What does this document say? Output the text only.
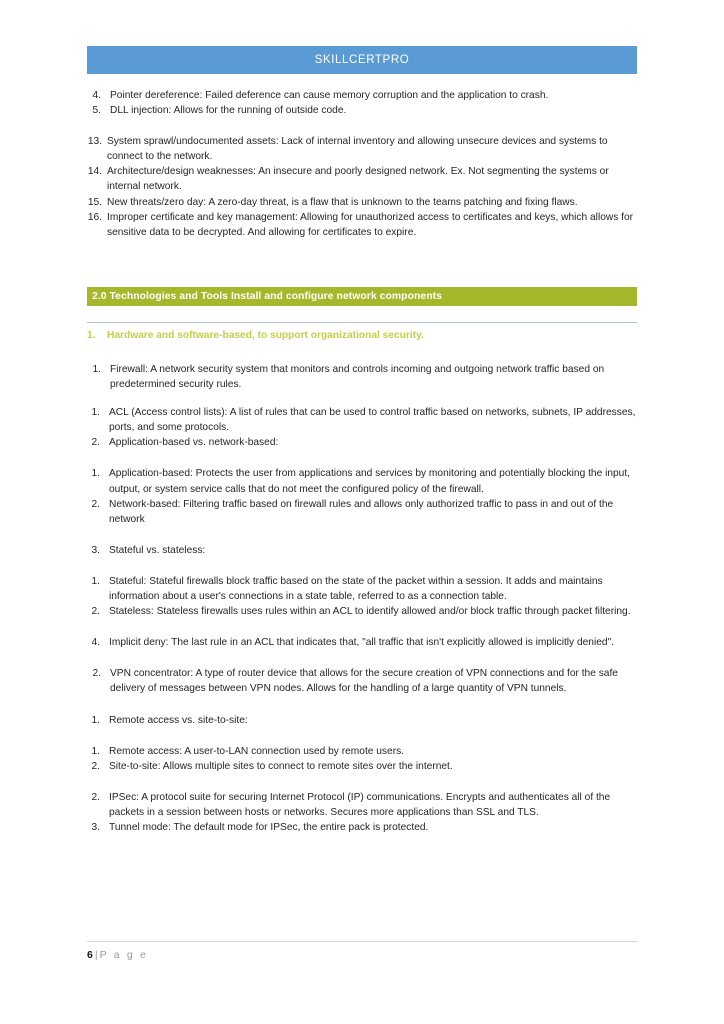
SKILLCERTPRO
4. Pointer dereference: Failed deference can cause memory corruption and the application to crash.
5. DLL injection: Allows for the running of outside code.
13. System sprawl/undocumented assets: Lack of internal inventory and allowing unsecure devices and systems to connect to the network.
14. Architecture/design weaknesses: An insecure and poorly designed network. Ex. Not segmenting the systems or internal network.
15. New threats/zero day: A zero-day threat, is a flaw that is unknown to the teams patching and fixing flaws.
16. Improper certificate and key management: Allowing for unauthorized access to certificates and keys, which allows for sensitive data to be decrypted. And allowing for certificates to expire.
2.0 Technologies and Tools Install and configure network components
1. Hardware and software-based, to support organizational security.
1. Firewall: A network security system that monitors and controls incoming and outgoing network traffic based on predetermined security rules.
1. ACL (Access control lists): A list of rules that can be used to control traffic based on networks, subnets, IP addresses, ports, and some protocols.
2. Application-based vs. network-based:
1. Application-based: Protects the user from applications and services by monitoring and potentially blocking the input, output, or system service calls that do not meet the configured policy of the firewall.
2. Network-based: Filtering traffic based on firewall rules and allows only authorized traffic to pass in and out of the network
3. Stateful vs. stateless:
1. Stateful: Stateful firewalls block traffic based on the state of the packet within a session. It adds and maintains information about a user's connections in a state table, referred to as a connection table.
2. Stateless: Stateless firewalls uses rules within an ACL to identify allowed and/or block traffic through packet filtering.
4. Implicit deny: The last rule in an ACL that indicates that, "all traffic that isn't explicitly allowed is implicitly denied".
2. VPN concentrator: A type of router device that allows for the secure creation of VPN connections and for the safe delivery of messages between VPN nodes. Allows for the handling of a large quantity of VPN tunnels.
1. Remote access vs. site-to-site:
1. Remote access: A user-to-LAN connection used by remote users.
2. Site-to-site: Allows multiple sites to connect to remote sites over the internet.
2. IPSec: A protocol suite for securing Internet Protocol (IP) communications. Encrypts and authenticates all of the packets in a session between hosts or networks. Secures more applications than SSL and TLS.
3. Tunnel mode: The default mode for IPSec, the entire pack is protected.
6 | P a g e
